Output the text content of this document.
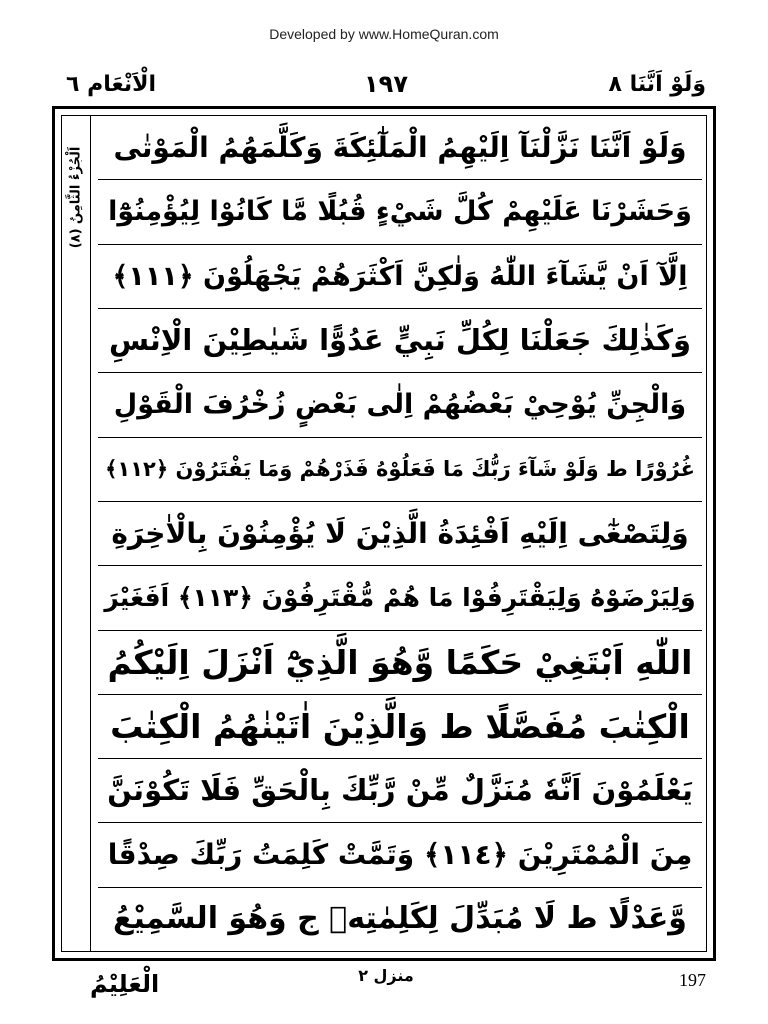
Developed by www.HomeQuran.com
الْاَنْعَام ٦	١٩٧	وَلَوْ اَنَّنَا ٨
اَلْجُزْءُ الثَّامِنُ (٨)	وَلَوْ اَنَّنَا نَزَّلْنَآ اِلَيْهِمُ الْمَلٰٓئِكَةَ وَكَلَّمَهُمُ الْمَوْتٰى
وَحَشَرْنَا عَلَيْهِمْ كُلَّ شَيْءٍ قُبُلًا مَّا كَانُوْا لِيُؤْمِنُوْٓا
اِلَّآ اَنْ يَّشَآءَ اللّٰهُ وَلٰكِنَّ اَكْثَرَهُمْ يَجْهَلُوْنَ ﴿١١١﴾
وَكَذٰلِكَ جَعَلْنَا لِكُلِّ نَبِيٍّ عَدُوًّا شَيٰطِيْنَ الْاِنْسِ
وَالْجِنِّ يُوْحِيْ بَعْضُهُمْ اِلٰى بَعْضٍ زُخْرُفَ الْقَوْلِ
غُرُوْرًا ط وَلَوْ شَآءَ رَبُّكَ مَا فَعَلُوْهُ فَذَرْهُمْ وَمَا يَفْتَرُوْنَ ﴿١١٢﴾
وَلِتَصْغٰٓى اِلَيْهِ اَفْئِدَةُ الَّذِيْنَ لَا يُؤْمِنُوْنَ بِالْاٰخِرَةِ
وَلِيَرْضَوْهُ وَلِيَقْتَرِفُوْا مَا هُمْ مُّقْتَرِفُوْنَ ﴿١١٣﴾ اَفَغَيْرَ
اللّٰهِ اَبْتَغِيْ حَكَمًا وَّهُوَ الَّذِيْٓ اَنْزَلَ اِلَيْكُمُ
الْكِتٰبَ مُفَصَّلًا ط وَالَّذِيْنَ اٰتَيْنٰهُمُ الْكِتٰبَ
يَعْلَمُوْنَ اَنَّهٗ مُنَزَّلٌ مِّنْ رَّبِّكَ بِالْحَقِّ فَلَا تَكُوْنَنَّ
مِنَ الْمُمْتَرِيْنَ ﴿١١٤﴾ وَتَمَّتْ كَلِمَتُ رَبِّكَ صِدْقًا
وَّعَدْلًا ط لَا مُبَدِّلَ لِكَلِمٰتِهٖ ج وَهُوَ السَّمِيْعُ
الْعَلِيْمُ	منزل ٢	197
